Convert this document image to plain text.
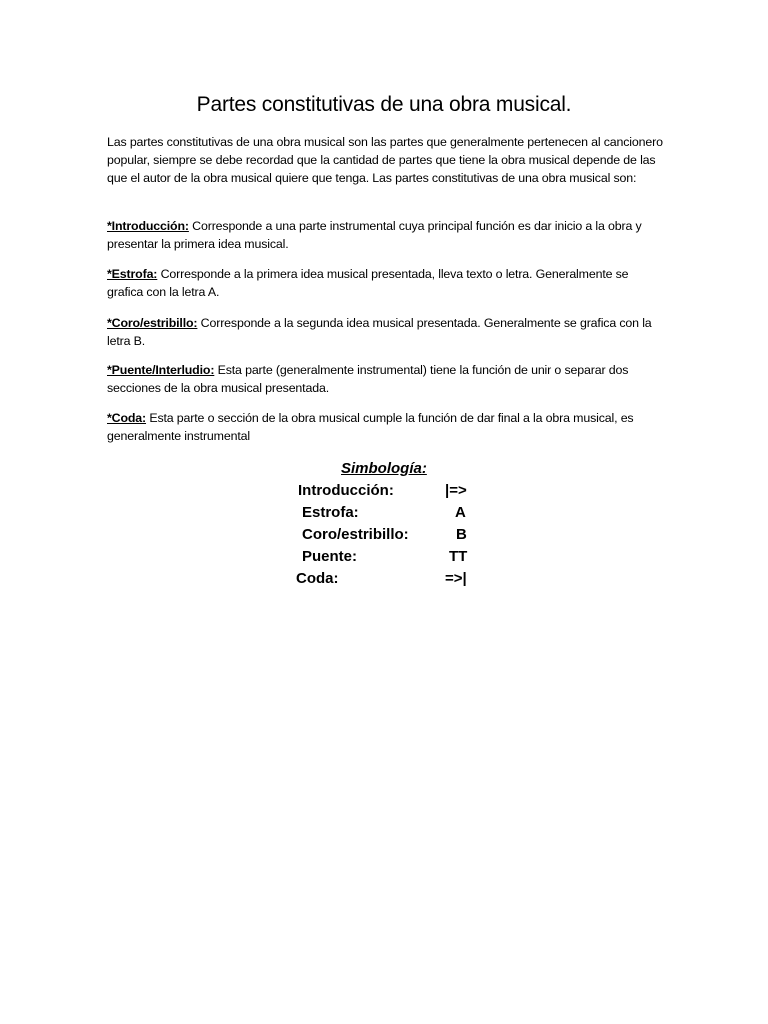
Partes constitutivas de una obra musical.

Las partes constitutivas de una obra musical son las partes que generalmente pertenecen al cancionero popular, siempre se debe recordad que la cantidad de partes que tiene la obra musical depende de las que el autor de la obra musical quiere que tenga. Las partes constitutivas de una obra musical son:

*Introducción: Corresponde a una parte instrumental cuya principal función es dar inicio a la obra y presentar la primera idea musical.

*Estrofa: Corresponde a la primera idea musical presentada, lleva texto o letra. Generalmente se grafica con la letra A.

*Coro/estribillo: Corresponde a la segunda idea musical presentada. Generalmente se grafica con la letra B.

*Puente/Interludio: Esta parte (generalmente instrumental) tiene la función de unir o separar dos secciones de la obra musical presentada.

*Coda: Esta parte o sección de la obra musical cumple la función de dar final a la obra musical, es generalmente instrumental

Simbología:
Introducción:	|=>
Estrofa:	A
Coro/estribillo:	B
Puente:	TT
Coda:	=>|
